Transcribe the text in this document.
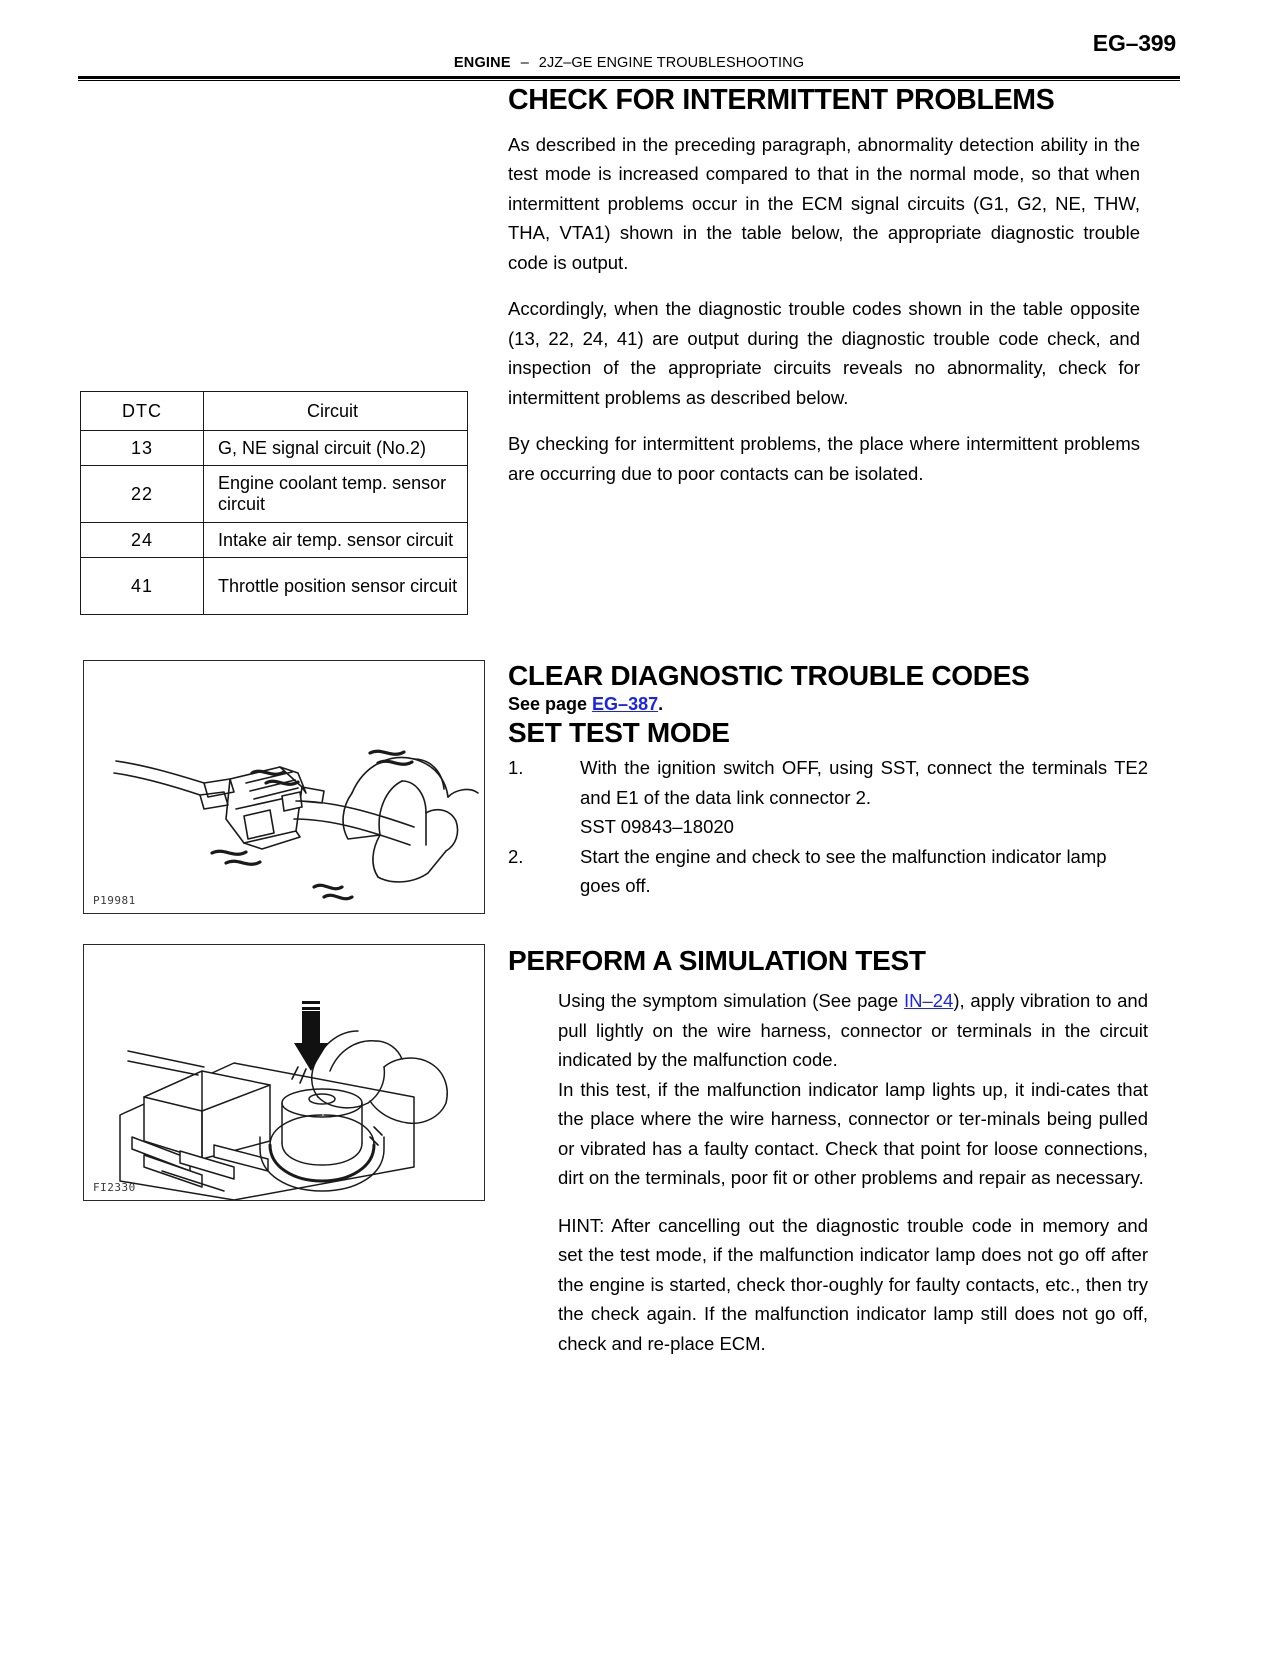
EG–399
ENGINE – 2JZ–GE ENGINE TROUBLESHOOTING
CHECK FOR INTERMITTENT PROBLEMS

As described in the preceding paragraph, abnormality detection ability in the test mode is increased compared to that in the normal mode, so that when intermittent problems occur in the ECM signal circuits (G1, G2, NE, THW, THA, VTA1) shown in the table below, the appropriate diagnostic trouble code is output.

Accordingly, when the diagnostic trouble codes shown in the table opposite (13, 22, 24, 41) are output during the diagnostic trouble code check, and inspection of the appropriate circuits reveals no abnormality, check for intermittent problems as described below.

By checking for intermittent problems, the place where intermittent problems are occurring due to poor contacts can be isolated.

DTC	Circuit
13	G, NE signal circuit (No.2)
22	Engine coolant temp. sensor circuit
24	Intake air temp. sensor circuit
41	Throttle position sensor circuit
P19981
FI2330
CLEAR DIAGNOSTIC TROUBLE CODES
See page EG–387.
SET TEST MODE
1.	With the ignition switch OFF, using SST, connect the terminals TE2 and E1 of the data link connector 2.
SST 09843–18020
2.	Start the engine and check to see the malfunction indicator lamp goes off.
PERFORM A SIMULATION TEST

Using the symptom simulation (See page IN–24), apply vibration to and pull lightly on the wire harness, connector or terminals in the circuit indicated by the malfunction code.

In this test, if the malfunction indicator lamp lights up, it indi-cates that the place where the wire harness, connector or ter-minals being pulled or vibrated has a faulty contact. Check that point for loose connections, dirt on the terminals, poor fit or other problems and repair as necessary.

HINT: After cancelling out the diagnostic trouble code in memory and set the test mode, if the malfunction indicator lamp does not go off after the engine is started, check thor-oughly for faulty contacts, etc., then try the check again. If the malfunction indicator lamp still does not go off, check and re-place ECM.
